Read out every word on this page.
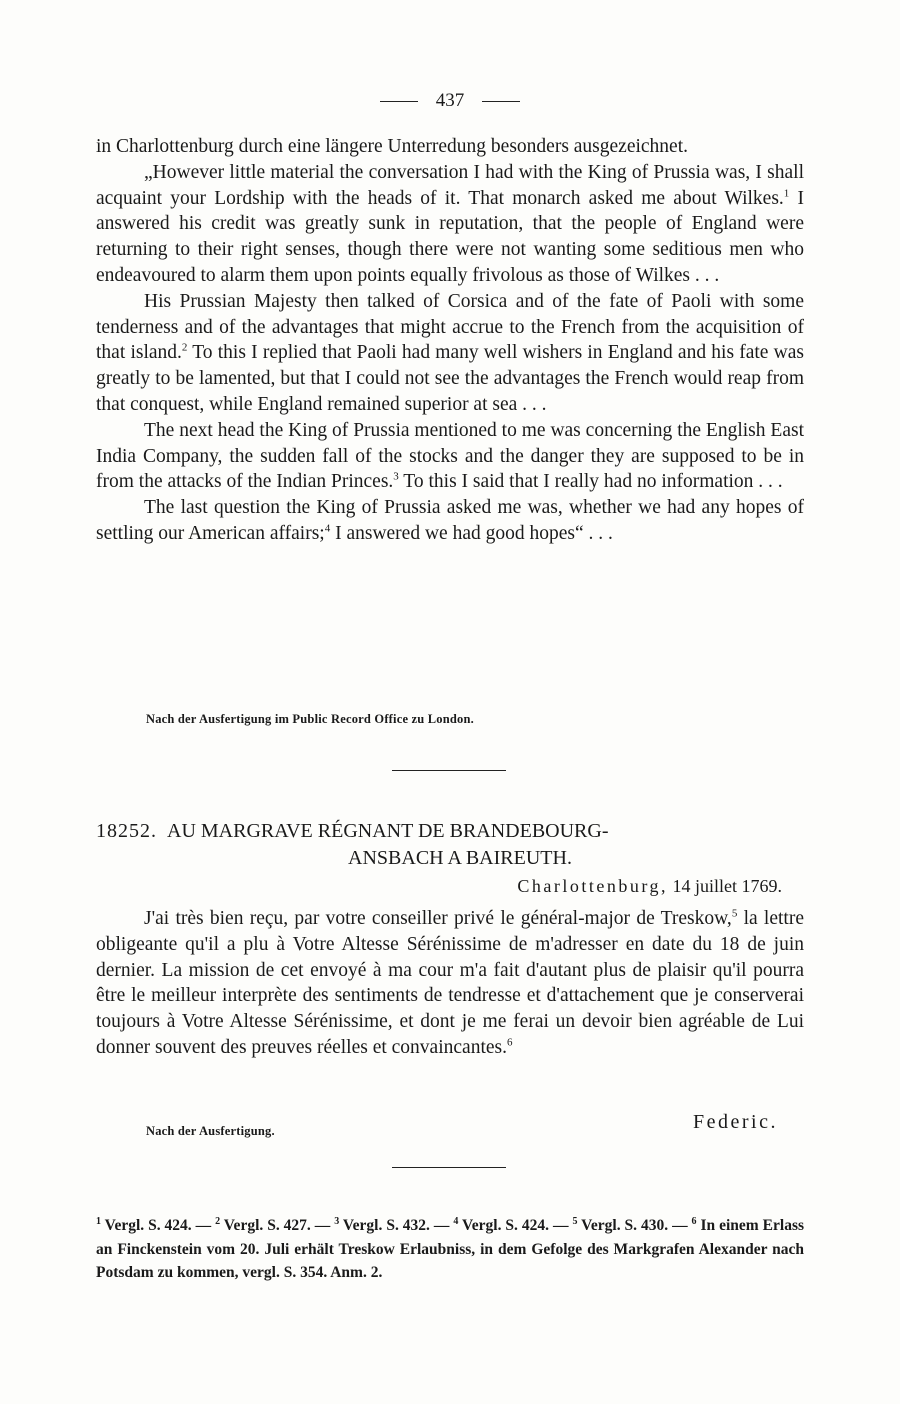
437

in Charlottenburg durch eine längere Unterredung besonders ausgezeichnet.

„However little material the conversation I had with the King of Prussia was, I shall acquaint your Lordship with the heads of it. That monarch asked me about Wilkes.$^1$ I answered his credit was greatly sunk in reputation, that the people of England were returning to their right senses, though there were not wanting some seditious men who endeavoured to alarm them upon points equally frivolous as those of Wilkes . . .

His Prussian Majesty then talked of Corsica and of the fate of Paoli with some tenderness and of the advantages that might accrue to the French from the acquisition of that island.$^2$ To this I replied that Paoli had many well wishers in England and his fate was greatly to be lamented, but that I could not see the advantages the French would reap from that conquest, while England remained superior at sea . . .

The next head the King of Prussia mentioned to me was concerning the English East India Company, the sudden fall of the stocks and the danger they are supposed to be in from the attacks of the Indian Princes.$^3$ To this I said that I really had no information . . .

The last question the King of Prussia asked me was, whether we had any hopes of settling our American affairs;$^4$ I answered we had good hopes“ . . .

Nach der Ausfertigung im Public Record Office zu London.
18252. AU MARGRAVE RÉGNANT DE BRANDEBOURG-
ANSBACH A BAIREUTH.
Charlottenburg, 14 juillet 1769.

J'ai très bien reçu, par votre conseiller privé le général-major de Treskow,$^5$ la lettre obligeante qu'il a plu à Votre Altesse Sérénissime de m'adresser en date du 18 de juin dernier. La mission de cet envoyé à ma cour m'a fait d'autant plus de plaisir qu'il pourra être le meilleur interprète des sentiments de tendresse et d'attachement que je conserverai toujours à Votre Altesse Sérénissime, et dont je me ferai un devoir bien agréable de Lui donner souvent des preuves réelles et convaincantes.$^6$

Nach der Ausfertigung.	Federic.
$^1$ Vergl. S. 424. — $^2$ Vergl. S. 427. — $^3$ Vergl. S. 432. — $^4$ Vergl. S. 424. — $^5$ Vergl. S. 430. — $^6$ In einem Erlass an Finckenstein vom 20. Juli erhält Treskow Erlaubniss, in dem Gefolge des Markgrafen Alexander nach Potsdam zu kommen, vergl. S. 354. Anm. 2.
